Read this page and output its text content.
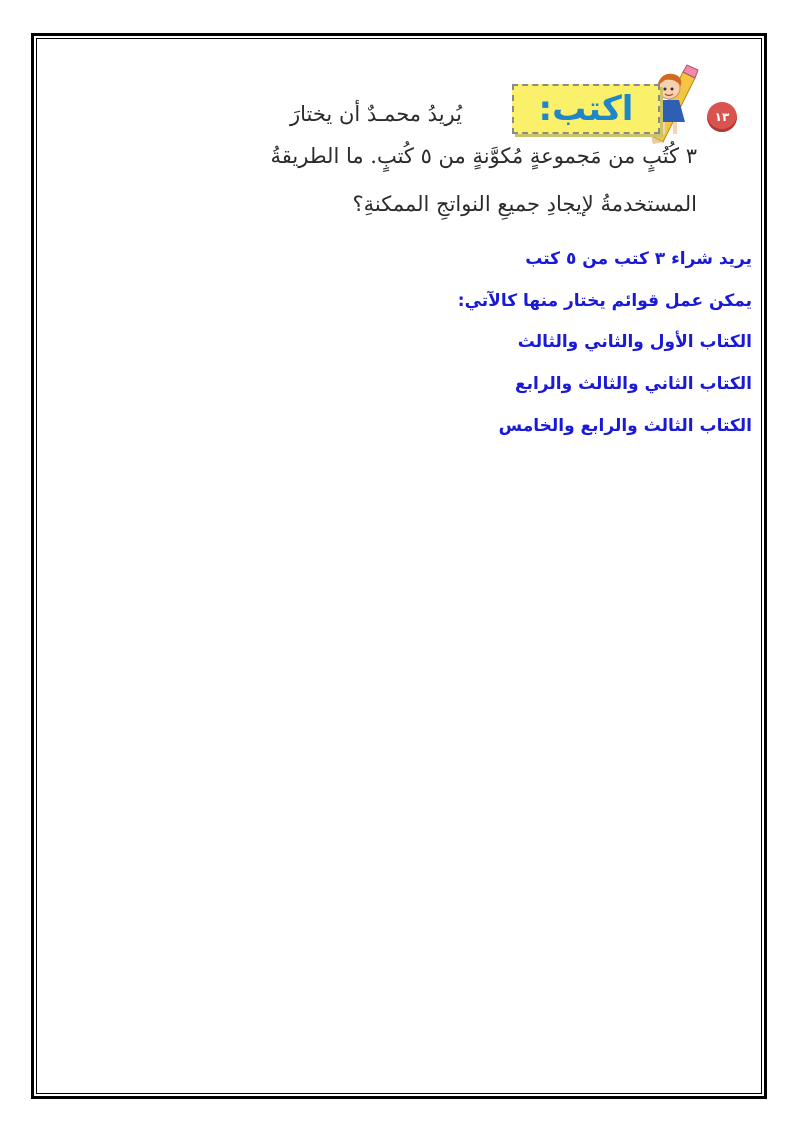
١٣
اكتب:
يُريدُ محمـدٌ أن يختارَ
٣ كُتُبٍ من مَجموعةٍ مُكوَّنةٍ من ٥ كُتبٍ. ما الطريقةُ
المستخدمةُ لإيجادِ جميعِ النواتجِ الممكنةِ؟
يريد شراء ٣ كتب من ٥ كتب
يمكن عمل قوائم يختار منها كالآتي:
الكتاب الأول والثاني والثالث
الكتاب الثاني والثالث والرابع
الكتاب الثالث والرابع والخامس
